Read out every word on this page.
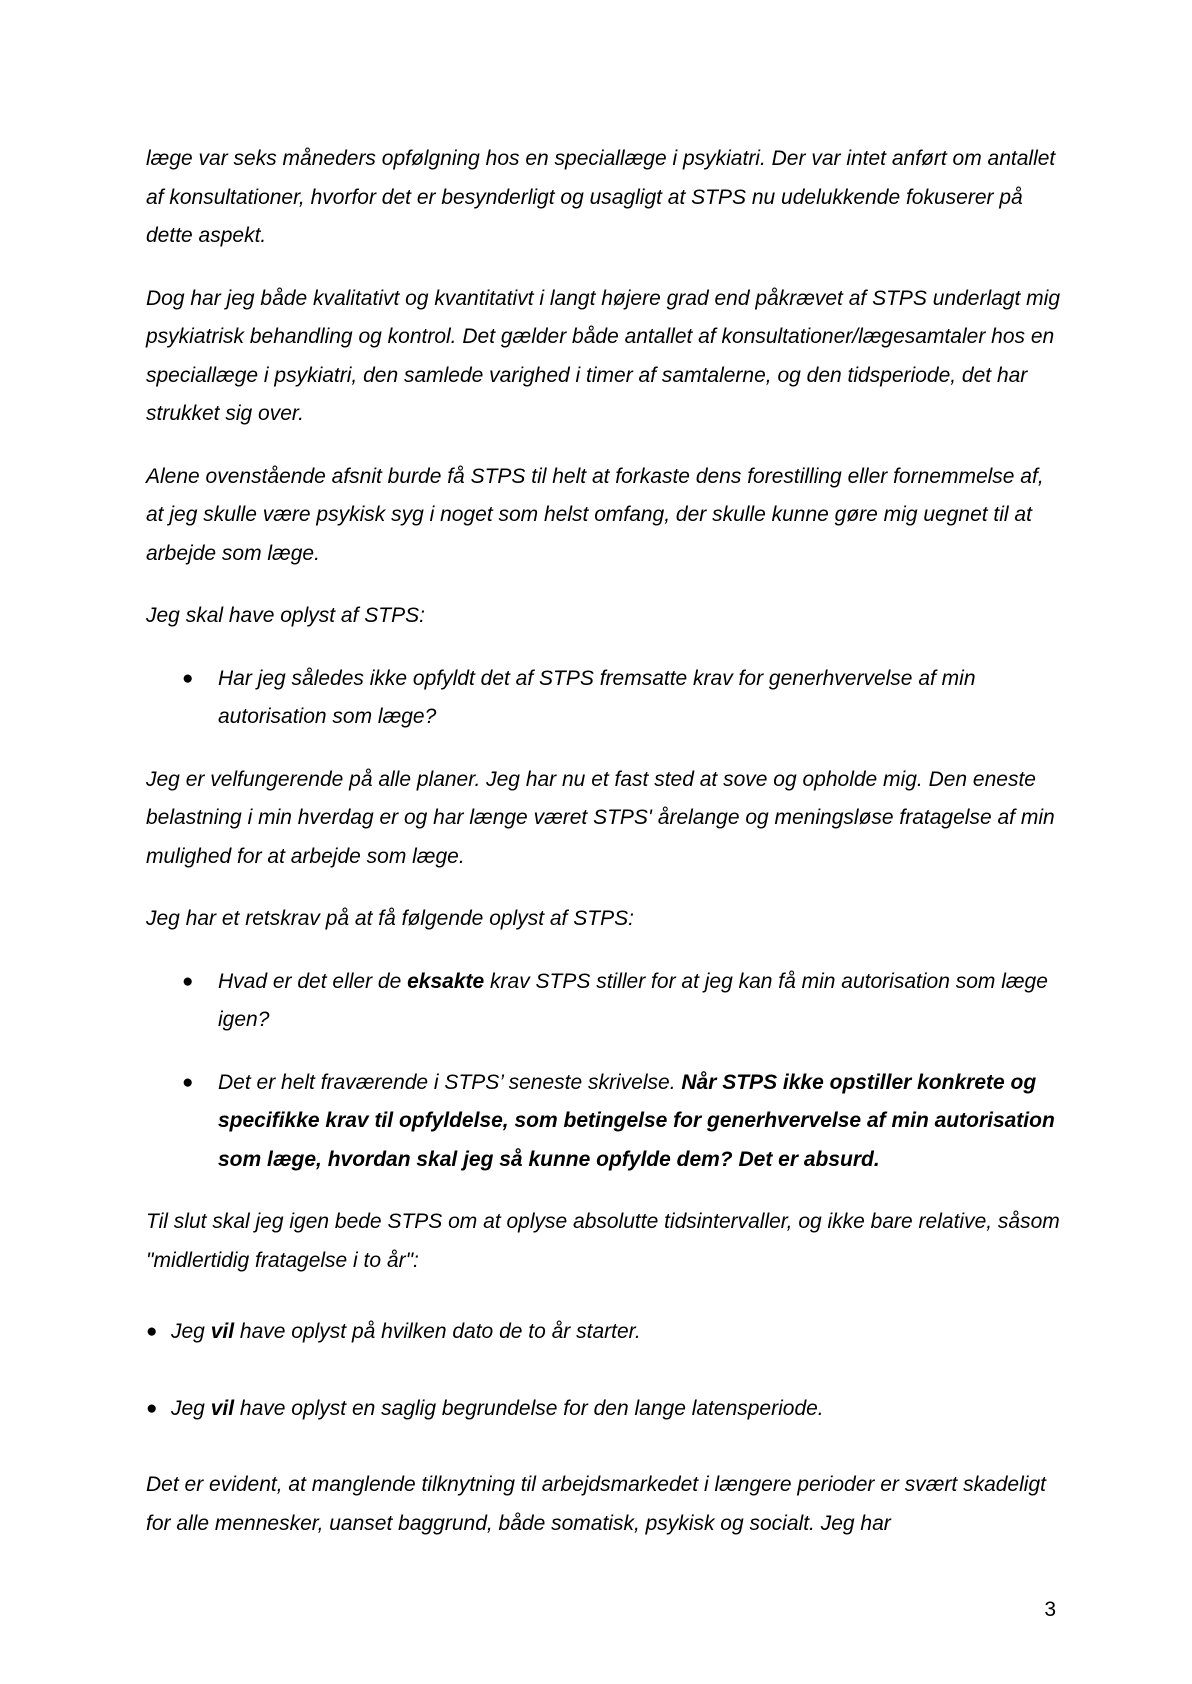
læge var seks måneders opfølgning hos en speciallæge i psykiatri. Der var intet anført om antallet af konsultationer, hvorfor det er besynderligt og usagligt at STPS nu udelukkende fokuserer på dette aspekt.

Dog har jeg både kvalitativt og kvantitativt i langt højere grad end påkrævet af STPS underlagt mig psykiatrisk behandling og kontrol. Det gælder både antallet af konsultationer/lægesamtaler hos en speciallæge i psykiatri, den samlede varighed i timer af samtalerne, og den tidsperiode, det har strukket sig over.

Alene ovenstående afsnit burde få STPS til helt at forkaste dens forestilling eller fornemmelse af, at jeg skulle være psykisk syg i noget som helst omfang, der skulle kunne gøre mig uegnet til at arbejde som læge.

Jeg skal have oplyst af STPS:

● Har jeg således ikke opfyldt det af STPS fremsatte krav for generhvervelse af min autorisation som læge?

Jeg er velfungerende på alle planer. Jeg har nu et fast sted at sove og opholde mig. Den eneste belastning i min hverdag er og har længe været STPS' årelange og meningsløse fratagelse af min mulighed for at arbejde som læge.

Jeg har et retskrav på at få følgende oplyst af STPS:

● Hvad er det eller de eksakte krav STPS stiller for at jeg kan få min autorisation som læge igen?
● Det er helt fraværende i STPS’ seneste skrivelse. Når STPS ikke opstiller konkrete og specifikke krav til opfyldelse, som betingelse for generhvervelse af min autorisation som læge, hvordan skal jeg så kunne opfylde dem? Det er absurd.

Til slut skal jeg igen bede STPS om at oplyse absolutte tidsintervaller, og ikke bare relative, såsom "midlertidig fratagelse i to år":

● Jeg vil have oplyst på hvilken dato de to år starter.
● Jeg vil have oplyst en saglig begrundelse for den lange latensperiode.

Det er evident, at manglende tilknytning til arbejdsmarkedet i længere perioder er svært skadeligt for alle mennesker, uanset baggrund, både somatisk, psykisk og socialt. Jeg har

3
